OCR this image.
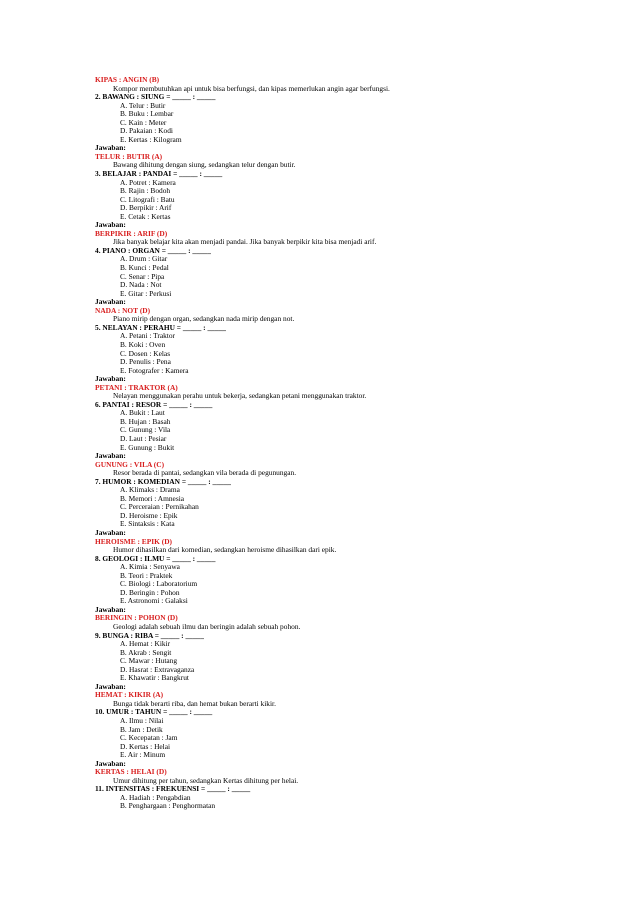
KIPAS : ANGIN (B)
Kompor membutuhkan api untuk bisa berfungsi, dan kipas memerlukan angin agar berfungsi.
2. BAWANG : SIUNG = _____ : _____
A. Telur : Butir
B. Buku : Lembar
C. Kain : Meter
D. Pakaian : Kodi
E. Kertas : Kilogram
Jawaban:
TELUR : BUTIR (A)
Bawang dihitung dengan siung, sedangkan telur dengan butir.
3. BELAJAR : PANDAI = _____ : _____
A. Potret : Kamera
B. Rajin : Bodoh
C. Litografi : Batu
D. Berpikir : Arif
E. Cetak : Kertas
Jawaban:
BERPIKIR : ARIF (D)
Jika banyak belajar kita akan menjadi pandai. Jika banyak berpikir kita bisa menjadi arif.
4. PIANO : ORGAN = _____ : _____
A. Drum : Gitar
B. Kunci : Pedal
C. Senar : Pipa
D. Nada : Not
E. Gitar : Perkusi
Jawaban:
NADA : NOT (D)
Piano mirip dengan organ, sedangkan nada mirip dengan not.
5. NELAYAN : PERAHU = _____ : _____
A. Petani : Traktor
B. Koki : Oven
C. Dosen : Kelas
D. Penulis : Pena
E. Fotografer : Kamera
Jawaban:
PETANI : TRAKTOR (A)
Nelayan menggunakan perahu untuk bekerja, sedangkan petani menggunakan traktor.
6. PANTAI : RESOR = _____ : _____
A. Bukit : Laut
B. Hujan : Basah
C. Gunung : Vila
D. Laut : Pesiar
E. Gunung : Bukit
Jawaban:
GUNUNG : VILA (C)
Resor berada di pantai, sedangkan vila berada di pegunungan.
7. HUMOR : KOMEDIAN = _____ : _____
A. Klimaks : Drama
B. Memori : Amnesia
C. Perceraian : Pernikahan
D. Heroisme : Epik
E. Sintaksis : Kata
Jawaban:
HEROISME : EPIK (D)
Humor dihasilkan dari komedian, sedangkan heroisme dihasilkan dari epik.
8. GEOLOGI : ILMU = _____ : _____
A. Kimia : Senyawa
B. Teori : Praktek
C. Biologi : Laboratorium
D. Beringin : Pohon
E. Astronomi : Galaksi
Jawaban:
BERINGIN : POHON (D)
Geologi adalah sebuah ilmu dan beringin adalah sebuah pohon.
9. BUNGA : RIBA = _____ : _____
A. Hemat : Kikir
B. Akrab : Sengit
C. Mawar : Hutang
D. Hasrat : Extravaganza
E. Khawatir : Bangkrut
Jawaban:
HEMAT : KIKIR (A)
Bunga tidak berarti riba, dan hemat bukan berarti kikir.
10. UMUR : TAHUN = _____ : _____
A. Ilmu : Nilai
B. Jam : Detik
C. Kecepatan : Jam
D. Kertas : Helai
E. Air : Minum
Jawaban:
KERTAS : HELAI (D)
Umur dihitung per tahun, sedangkan Kertas dihitung per helai.
11. INTENSITAS : FREKUENSI = _____ : _____
A. Hadiah : Pengabdian
B. Penghargaan : Penghormatan
